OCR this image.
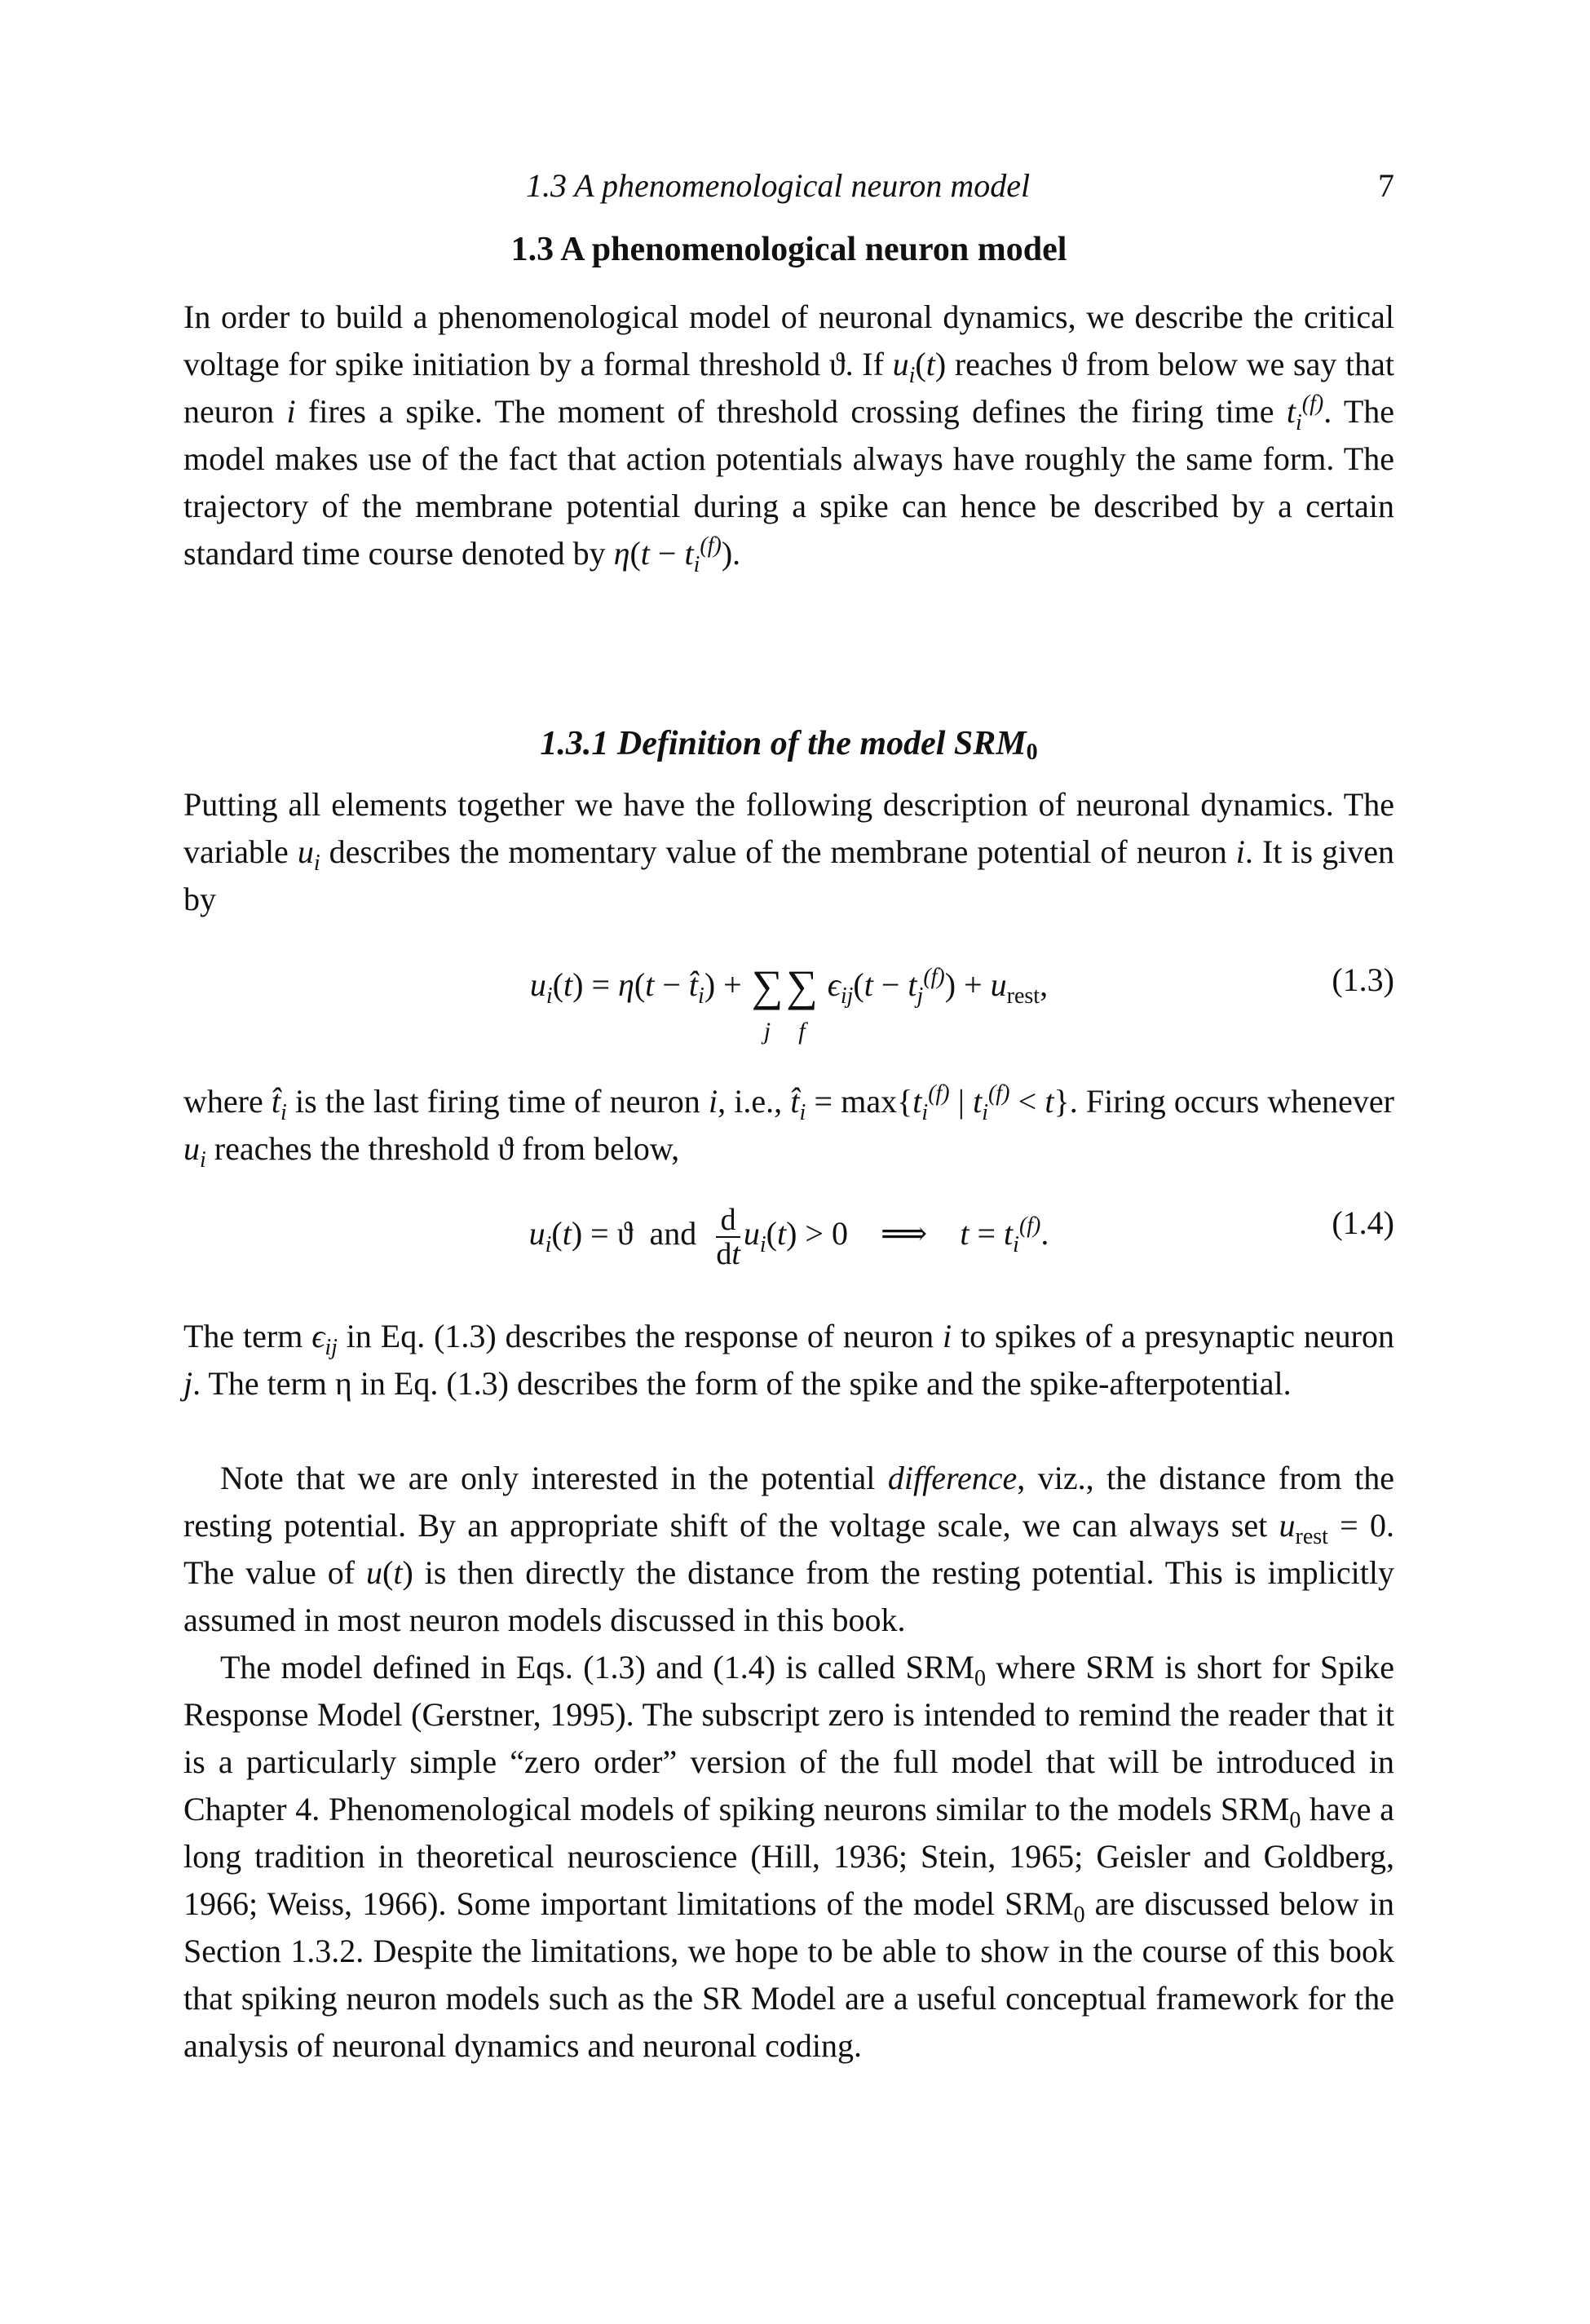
1.3 A phenomenological neuron model	7
1.3 A phenomenological neuron model

In order to build a phenomenological model of neuronal dynamics, we describe the critical voltage for spike initiation by a formal threshold ϑ. If $u_i(t)$ reaches ϑ from below we say that neuron i fires a spike. The moment of threshold crossing defines the firing time $t_i^{(f)}$. The model makes use of the fact that action potentials always have roughly the same form. The trajectory of the membrane potential during a spike can hence be described by a certain standard time course denoted by $\eta(t - t_i^{(f)})$.

1.3.1 Definition of the model $SRM_0$

Putting all elements together we have the following description of neuronal dynamics. The variable $u_i$ describes the momentary value of the membrane potential of neuron i. It is given by

$u_i(t) = \eta(t$ − $t̂_i$) + ∑
j
∑
f
$\epsilon_{ij}(t - t_j^{(f)}) + u_{rest}$,	(1.3)

where $t̂_i$ is the last firing time of neuron i, i.e., $t̂_i = \max\{t_i^{(f)}$ | $t_i^{(f)} < t$}. Firing occurs whenever $u_i$ reaches the threshold ϑ from below,

$u_i(t) = ϑ$  and $\frac{d}{dt} u_i(t) > 0$    ⟹    $t = t_i^{(f)}$.	(1.4)

The term $\epsilon_{ij}$ in Eq. (1.3) describes the response of neuron i to spikes of a presynaptic neuron j. The term η in Eq. (1.3) describes the form of the spike and the spike-afterpotential.

Note that we are only interested in the potential difference, viz., the distance from the resting potential. By an appropriate shift of the voltage scale, we can always set $u_{rest} = 0$. The value of u(t) is then directly the distance from the resting potential. This is implicitly assumed in most neuron models discussed in this book.

The model defined in Eqs. (1.3) and (1.4) is called $SRM_0$ where SRM is short for Spike Response Model (Gerstner, 1995). The subscript zero is intended to remind the reader that it is a particularly simple “zero order” version of the full model that will be introduced in Chapter 4. Phenomenological models of spiking neurons similar to the models $SRM_0$ have a long tradition in theoretical neuroscience (Hill, 1936; Stein, 1965; Geisler and Goldberg, 1966; Weiss, 1966). Some important limitations of the model $SRM_0$ are discussed below in Section 1.3.2. Despite the limitations, we hope to be able to show in the course of this book that spiking neuron models such as the SR Model are a useful conceptual framework for the analysis of neuronal dynamics and neuronal coding.
